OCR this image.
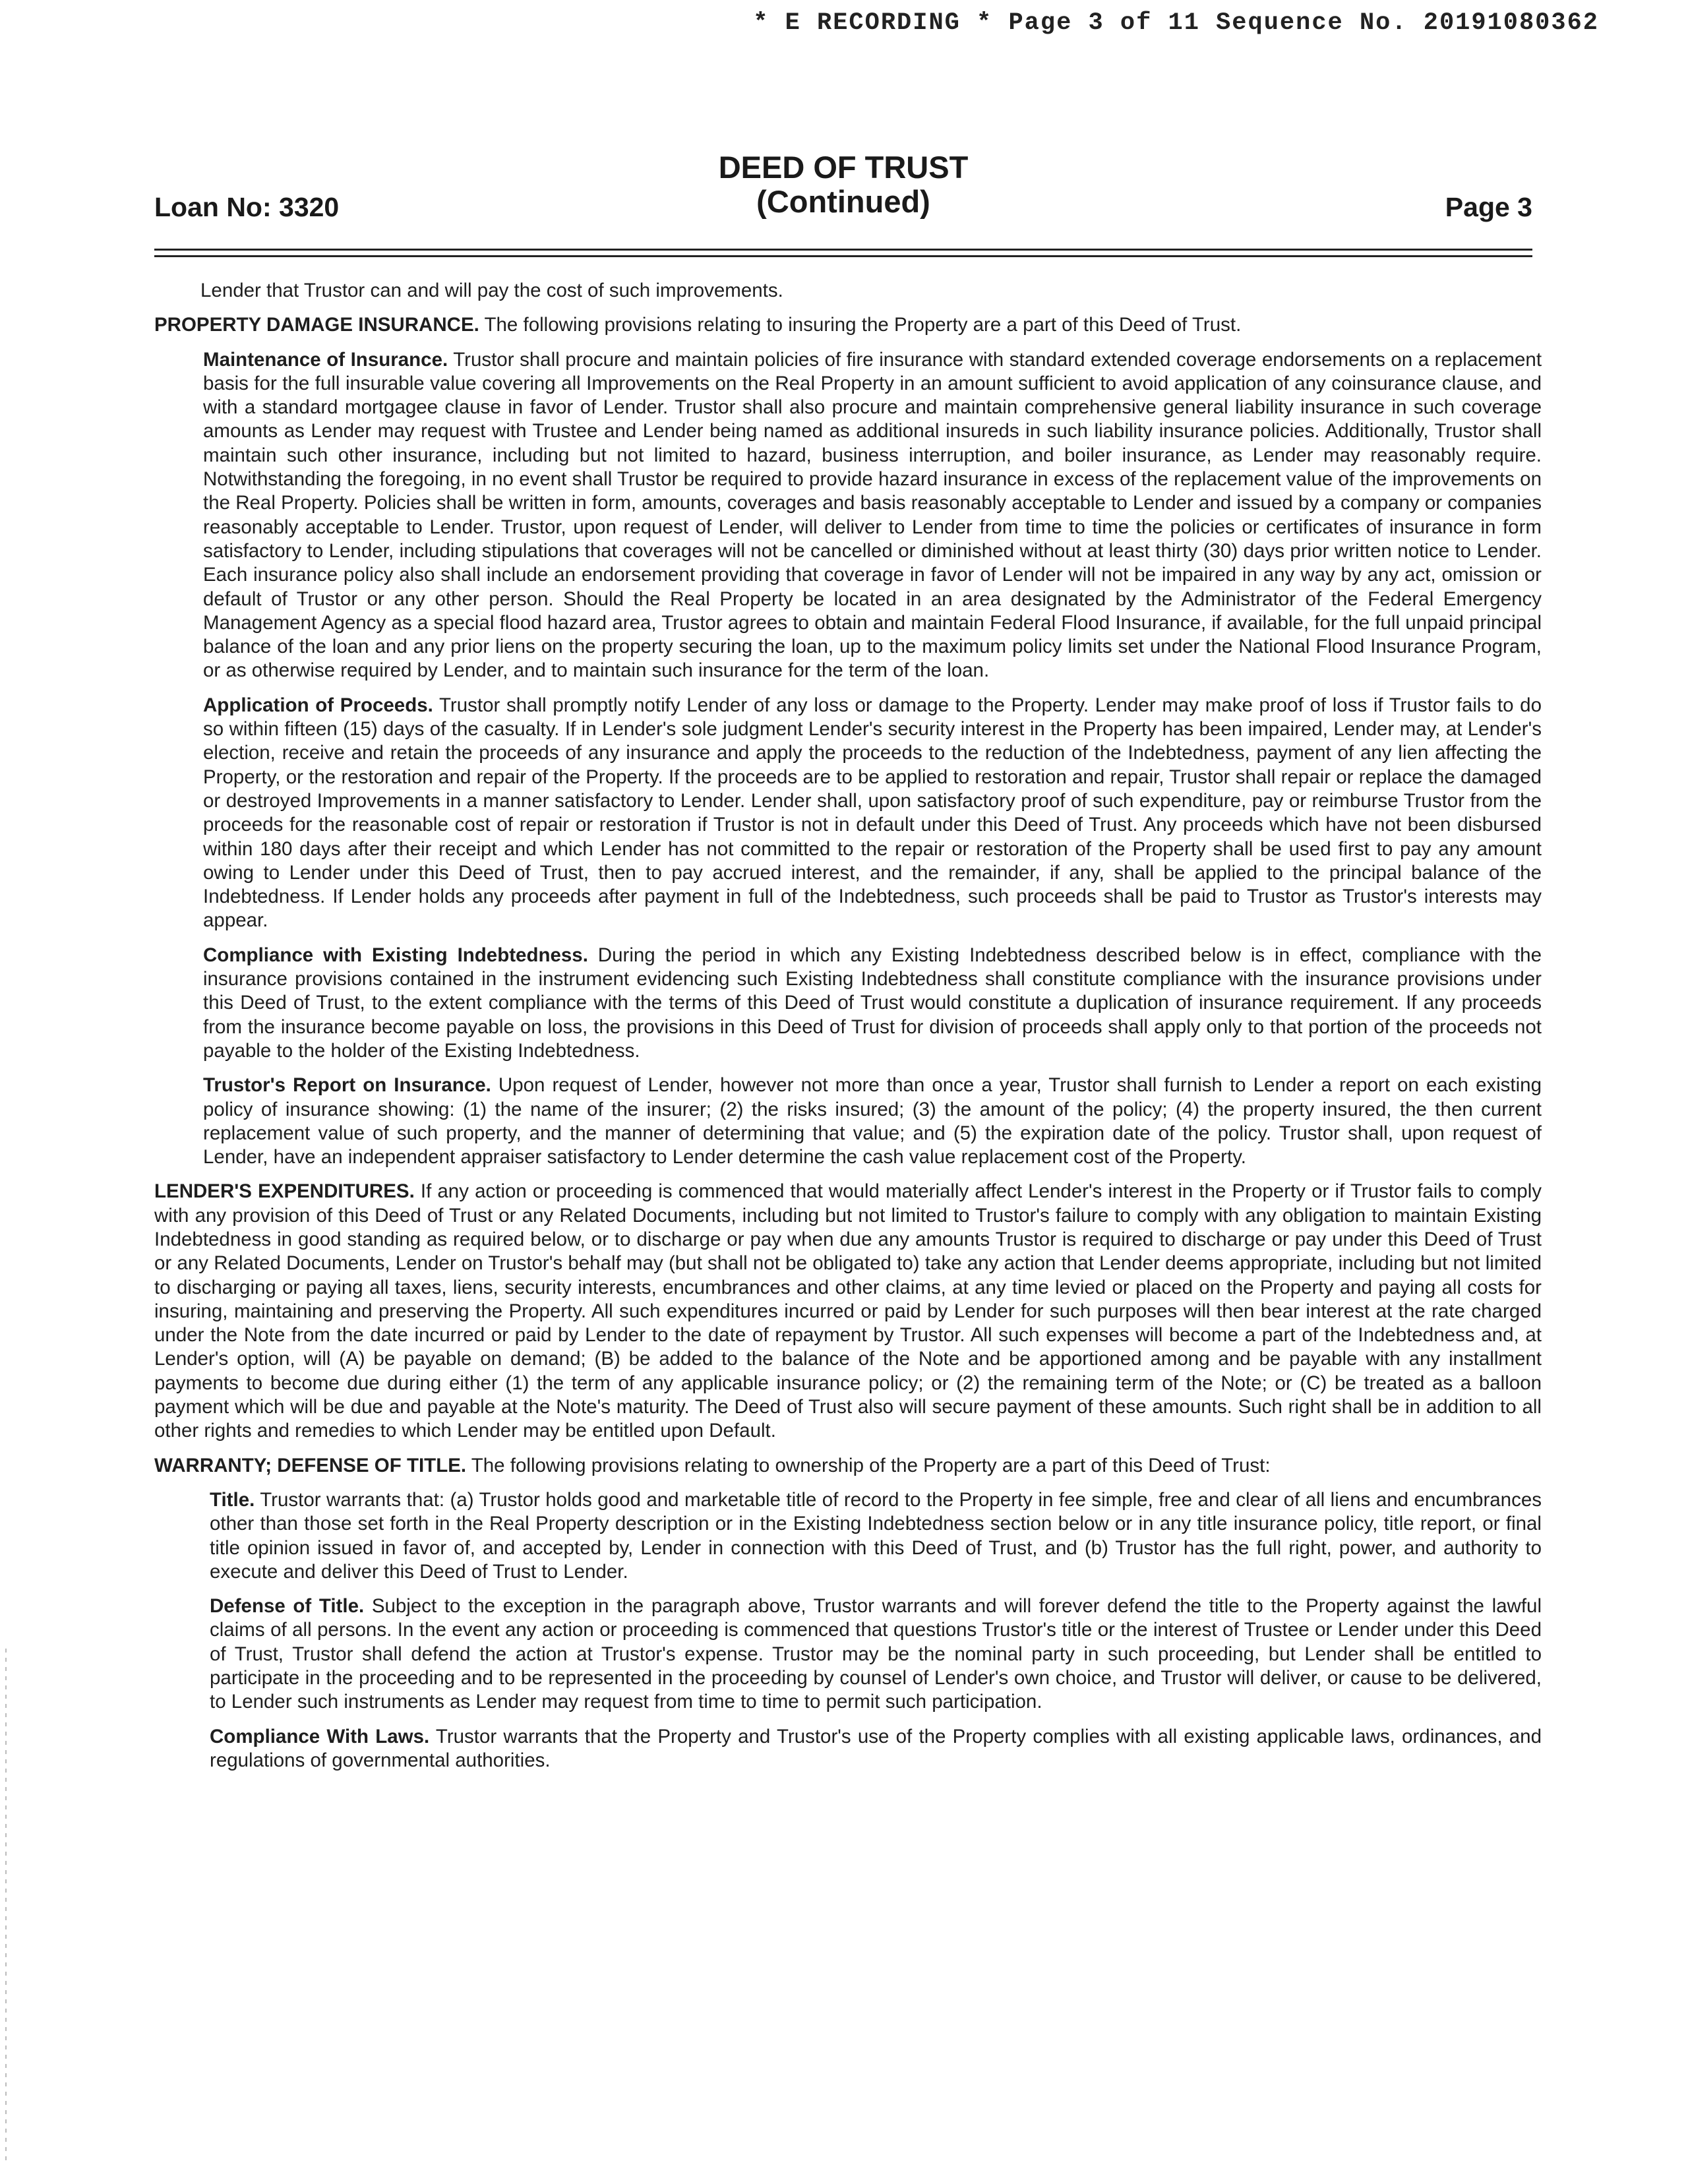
* E RECORDING * Page 3 of 11 Sequence No. 20191080362
DEED OF TRUST
(Continued)
Loan No: 3320	Page 3

Lender that Trustor can and will pay the cost of such improvements.

PROPERTY DAMAGE INSURANCE. The following provisions relating to insuring the Property are a part of this Deed of Trust.

Maintenance of Insurance. Trustor shall procure and maintain policies of fire insurance with standard extended coverage endorsements on a replacement basis for the full insurable value covering all Improvements on the Real Property in an amount sufficient to avoid application of any coinsurance clause, and with a standard mortgagee clause in favor of Lender. Trustor shall also procure and maintain comprehensive general liability insurance in such coverage amounts as Lender may request with Trustee and Lender being named as additional insureds in such liability insurance policies. Additionally, Trustor shall maintain such other insurance, including but not limited to hazard, business interruption, and boiler insurance, as Lender may reasonably require. Notwithstanding the foregoing, in no event shall Trustor be required to provide hazard insurance in excess of the replacement value of the improvements on the Real Property. Policies shall be written in form, amounts, coverages and basis reasonably acceptable to Lender and issued by a company or companies reasonably acceptable to Lender. Trustor, upon request of Lender, will deliver to Lender from time to time the policies or certificates of insurance in form satisfactory to Lender, including stipulations that coverages will not be cancelled or diminished without at least thirty (30) days prior written notice to Lender. Each insurance policy also shall include an endorsement providing that coverage in favor of Lender will not be impaired in any way by any act, omission or default of Trustor or any other person. Should the Real Property be located in an area designated by the Administrator of the Federal Emergency Management Agency as a special flood hazard area, Trustor agrees to obtain and maintain Federal Flood Insurance, if available, for the full unpaid principal balance of the loan and any prior liens on the property securing the loan, up to the maximum policy limits set under the National Flood Insurance Program, or as otherwise required by Lender, and to maintain such insurance for the term of the loan.

Application of Proceeds. Trustor shall promptly notify Lender of any loss or damage to the Property. Lender may make proof of loss if Trustor fails to do so within fifteen (15) days of the casualty. If in Lender's sole judgment Lender's security interest in the Property has been impaired, Lender may, at Lender's election, receive and retain the proceeds of any insurance and apply the proceeds to the reduction of the Indebtedness, payment of any lien affecting the Property, or the restoration and repair of the Property. If the proceeds are to be applied to restoration and repair, Trustor shall repair or replace the damaged or destroyed Improvements in a manner satisfactory to Lender. Lender shall, upon satisfactory proof of such expenditure, pay or reimburse Trustor from the proceeds for the reasonable cost of repair or restoration if Trustor is not in default under this Deed of Trust. Any proceeds which have not been disbursed within 180 days after their receipt and which Lender has not committed to the repair or restoration of the Property shall be used first to pay any amount owing to Lender under this Deed of Trust, then to pay accrued interest, and the remainder, if any, shall be applied to the principal balance of the Indebtedness. If Lender holds any proceeds after payment in full of the Indebtedness, such proceeds shall be paid to Trustor as Trustor's interests may appear.

Compliance with Existing Indebtedness. During the period in which any Existing Indebtedness described below is in effect, compliance with the insurance provisions contained in the instrument evidencing such Existing Indebtedness shall constitute compliance with the insurance provisions under this Deed of Trust, to the extent compliance with the terms of this Deed of Trust would constitute a duplication of insurance requirement. If any proceeds from the insurance become payable on loss, the provisions in this Deed of Trust for division of proceeds shall apply only to that portion of the proceeds not payable to the holder of the Existing Indebtedness.

Trustor's Report on Insurance. Upon request of Lender, however not more than once a year, Trustor shall furnish to Lender a report on each existing policy of insurance showing: (1) the name of the insurer; (2) the risks insured; (3) the amount of the policy; (4) the property insured, the then current replacement value of such property, and the manner of determining that value; and (5) the expiration date of the policy. Trustor shall, upon request of Lender, have an independent appraiser satisfactory to Lender determine the cash value replacement cost of the Property.

LENDER'S EXPENDITURES. If any action or proceeding is commenced that would materially affect Lender's interest in the Property or if Trustor fails to comply with any provision of this Deed of Trust or any Related Documents, including but not limited to Trustor's failure to comply with any obligation to maintain Existing Indebtedness in good standing as required below, or to discharge or pay when due any amounts Trustor is required to discharge or pay under this Deed of Trust or any Related Documents, Lender on Trustor's behalf may (but shall not be obligated to) take any action that Lender deems appropriate, including but not limited to discharging or paying all taxes, liens, security interests, encumbrances and other claims, at any time levied or placed on the Property and paying all costs for insuring, maintaining and preserving the Property. All such expenditures incurred or paid by Lender for such purposes will then bear interest at the rate charged under the Note from the date incurred or paid by Lender to the date of repayment by Trustor. All such expenses will become a part of the Indebtedness and, at Lender's option, will (A) be payable on demand; (B) be added to the balance of the Note and be apportioned among and be payable with any installment payments to become due during either (1) the term of any applicable insurance policy; or (2) the remaining term of the Note; or (C) be treated as a balloon payment which will be due and payable at the Note's maturity. The Deed of Trust also will secure payment of these amounts. Such right shall be in addition to all other rights and remedies to which Lender may be entitled upon Default.

WARRANTY; DEFENSE OF TITLE. The following provisions relating to ownership of the Property are a part of this Deed of Trust:

Title. Trustor warrants that: (a) Trustor holds good and marketable title of record to the Property in fee simple, free and clear of all liens and encumbrances other than those set forth in the Real Property description or in the Existing Indebtedness section below or in any title insurance policy, title report, or final title opinion issued in favor of, and accepted by, Lender in connection with this Deed of Trust, and (b) Trustor has the full right, power, and authority to execute and deliver this Deed of Trust to Lender.

Defense of Title. Subject to the exception in the paragraph above, Trustor warrants and will forever defend the title to the Property against the lawful claims of all persons. In the event any action or proceeding is commenced that questions Trustor's title or the interest of Trustee or Lender under this Deed of Trust, Trustor shall defend the action at Trustor's expense. Trustor may be the nominal party in such proceeding, but Lender shall be entitled to participate in the proceeding and to be represented in the proceeding by counsel of Lender's own choice, and Trustor will deliver, or cause to be delivered, to Lender such instruments as Lender may request from time to time to permit such participation.

Compliance With Laws. Trustor warrants that the Property and Trustor's use of the Property complies with all existing applicable laws, ordinances, and regulations of governmental authorities.
